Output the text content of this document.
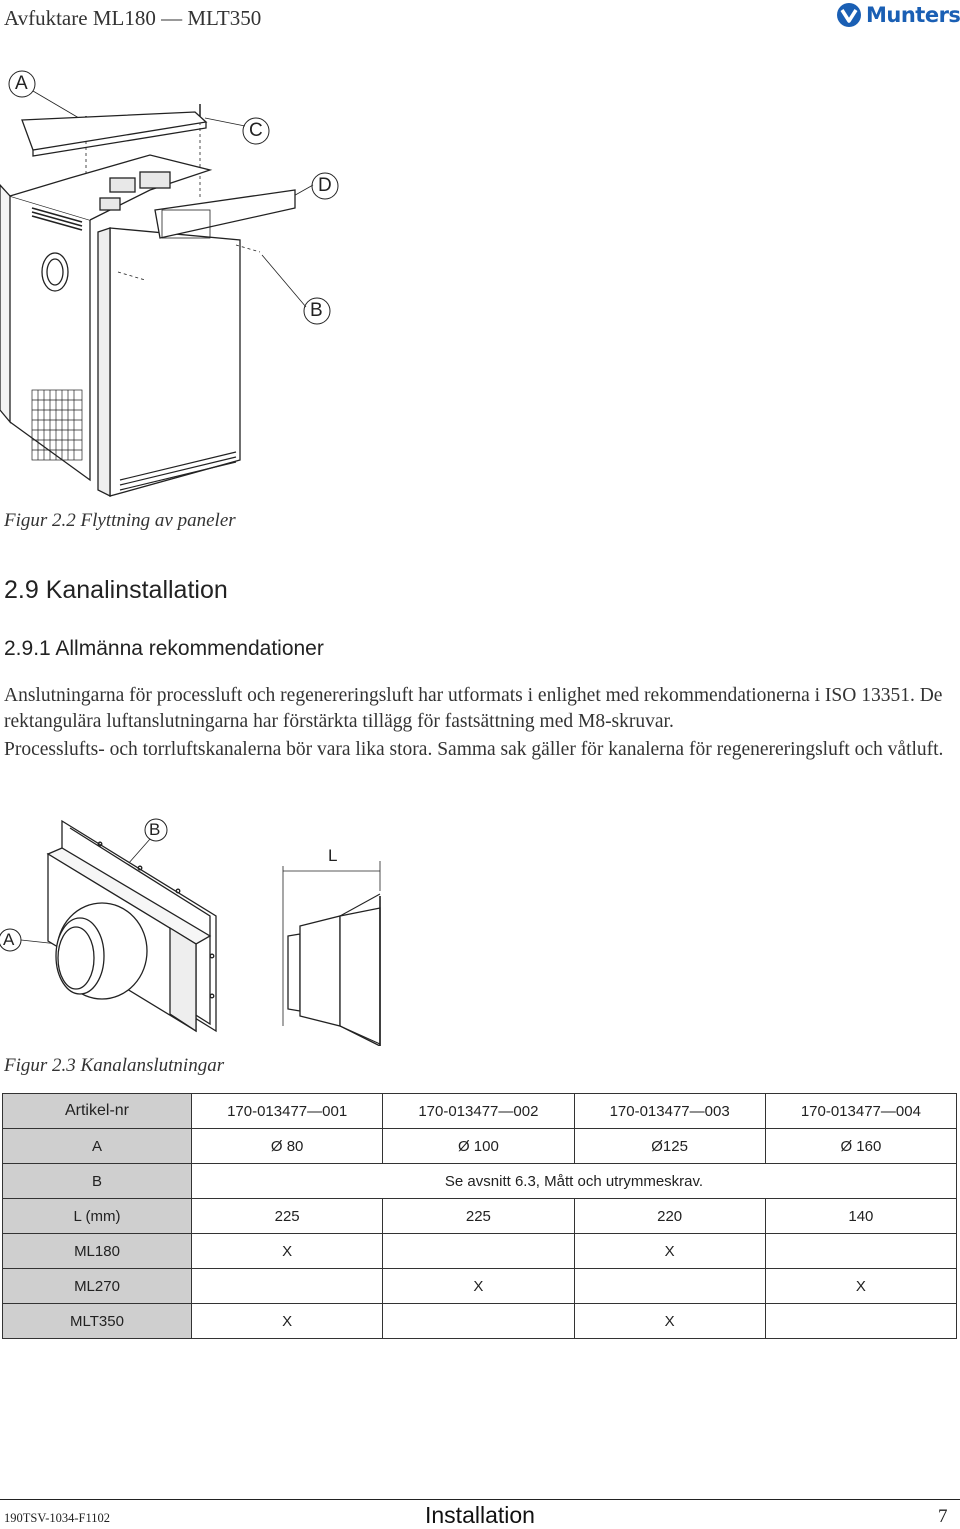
Avfuktare ML180 — MLT350	Munters
A
C
D
B
Figur 2.2 Flyttning av paneler
2.9 Kanalinstallation
2.9.1 Allmänna rekommendationer

Anslutningarna för processluft och regenereringsluft har utformats i enlighet med rekommendationerna i ISO 13351. De rektangulära luftanslutningarna har förstärkta tillägg för fastsättning med M8-skruvar.

Processlufts- och torrluftskanalerna bör vara lika stora. Samma sak gäller för kanalerna för regenereringsluft och våtluft.

B
A
L
Figur 2.3 Kanalanslutningar
Artikel-nr	170-013477—001	170-013477—002	170-013477—003	170-013477—004
A	Ø 80	Ø 100	Ø125	Ø 160
B	Se avsnitt 6.3, Mått och utrymmeskrav.			
L (mm)	225	225	220	140
ML180	X		X	
ML270		X		X
MLT350	X		X	
190TSV-1034-F1102	Installation	7
